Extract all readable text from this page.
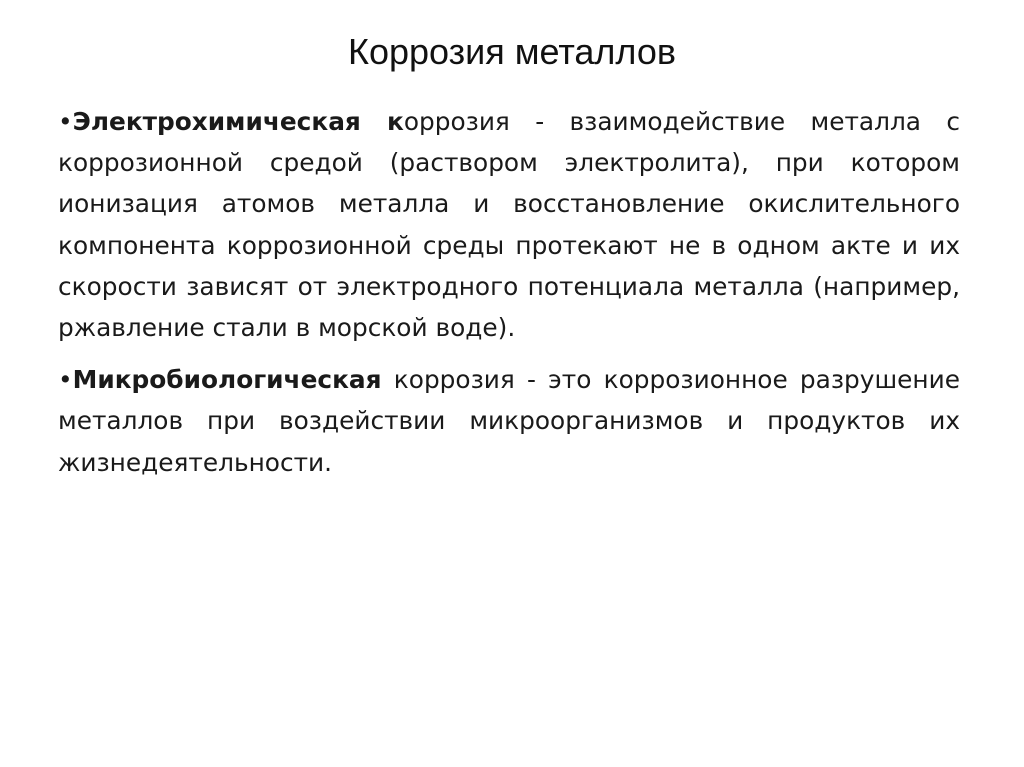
Коррозия металлов

•Электрохимическая коррозия - взаимодействие металла с коррозионной средой (раствором электролита), при котором ионизация атомов металла и восстановление окислительного компонента коррозионной среды протекают не в одном акте и их скорости зависят от электродного потенциала металла (например, ржавление стали в морской воде).

•Микробиологическая коррозия - это коррозионное разрушение металлов при воздействии микроорганизмов и продуктов их жизнедеятельности.
